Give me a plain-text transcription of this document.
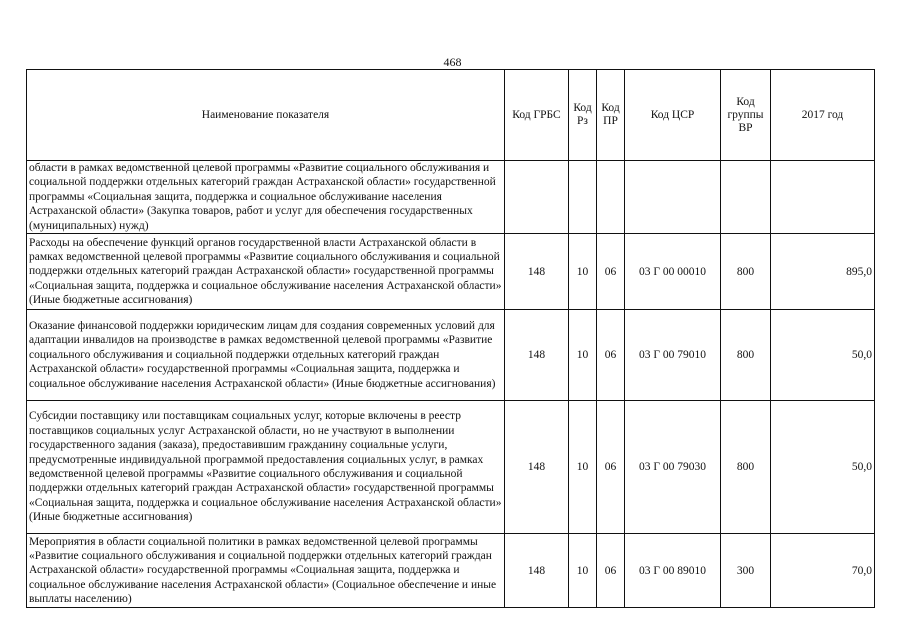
468
Наименование показателя	Код ГРБС	Код Рз	Код ПР	Код ЦСР	Код группы ВР	2017 год
области в рамках ведомственной целевой программы «Развитие социального обслуживания и социальной поддержки отдельных категорий граждан Астраханской области» государственной программы «Социальная защита, поддержка и социальное обслуживание населения Астраханской области» (Закупка товаров, работ и услуг для обеспечения государственных (муниципальных) нужд)						
Расходы на обеспечение функций органов государственной власти Астраханской области в рамках ведомственной целевой программы «Развитие социального обслуживания и социальной поддержки отдельных категорий граждан Астраханской области» государственной программы «Социальная защита, поддержка и социальное обслуживание населения Астраханской области» (Иные бюджетные ассигнования)	148	10	06	03 Г 00 00010	800	895,0
Оказание финансовой поддержки юридическим лицам для создания современных условий для адаптации инвалидов на производстве в рамках ведомственной целевой программы «Развитие социального обслуживания и социальной поддержки отдельных категорий граждан Астраханской области» государственной программы «Социальная защита, поддержка и социальное обслуживание населения Астраханской области» (Иные бюджетные ассигнования)	148	10	06	03 Г 00 79010	800	50,0
Субсидии поставщику или поставщикам социальных услуг, которые включены в реестр поставщиков социальных услуг Астраханской области, но не участвуют в выполнении государственного задания (заказа), предоставившим гражданину социальные услуги, предусмотренные индивидуальной программой предоставления социальных услуг, в рамках ведомственной целевой программы «Развитие социального обслуживания и социальной поддержки отдельных категорий граждан Астраханской области» государственной программы «Социальная защита, поддержка и социальное обслуживание населения Астраханской области» (Иные бюджетные ассигнования)	148	10	06	03 Г 00 79030	800	50,0
Мероприятия в области социальной политики в рамках ведомственной целевой программы «Развитие социального обслуживания и социальной поддержки отдельных категорий граждан Астраханской области» государственной программы «Социальная защита, поддержка и социальное обслуживание населения Астраханской области» (Социальное обеспечение и иные выплаты населению)	148	10	06	03 Г 00 89010	300	70,0
